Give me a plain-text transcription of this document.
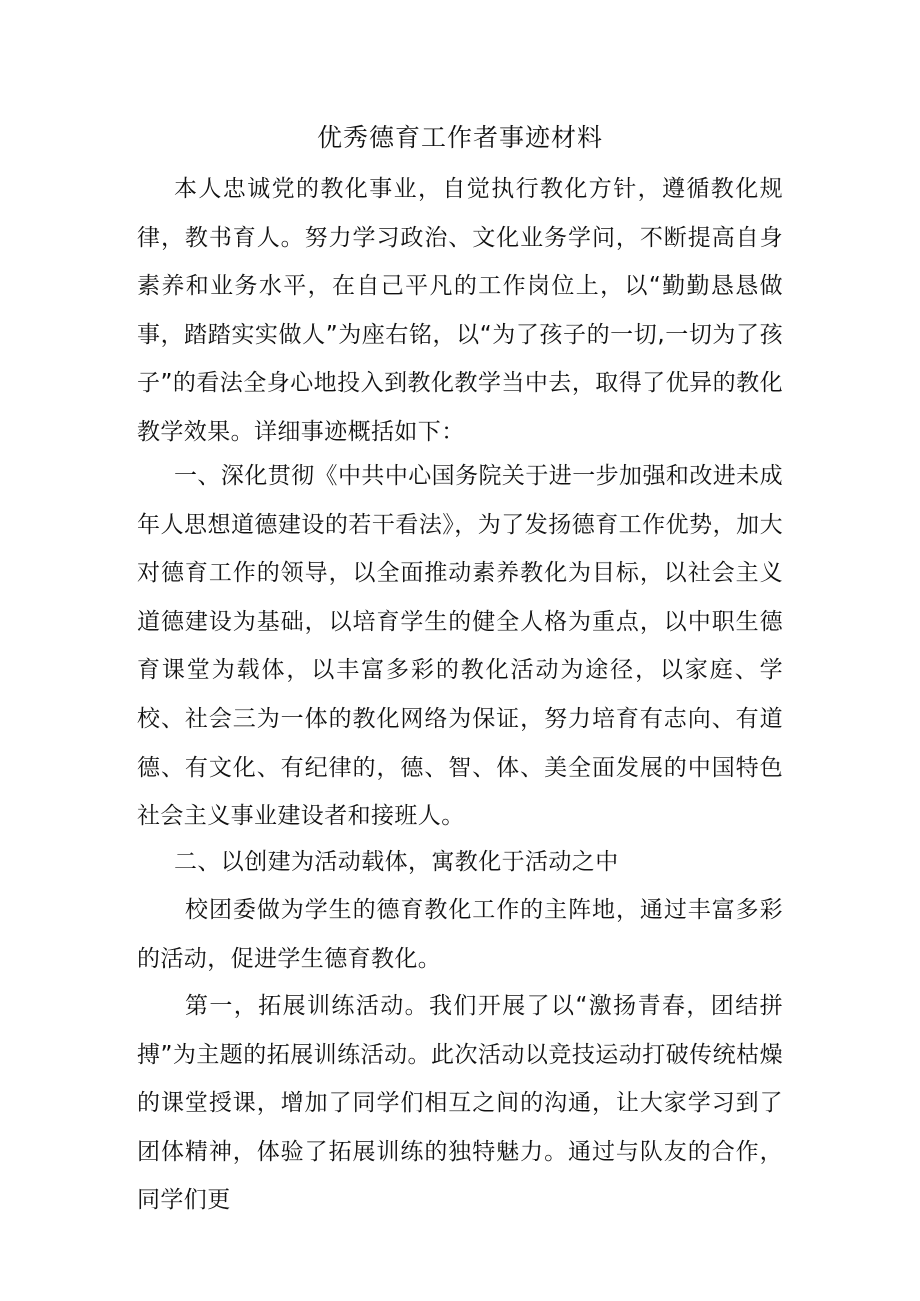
优秀德育工作者事迹材料

本人忠诚党的教化事业，自觉执行教化方针，遵循教化规律，教书育人。努力学习政治、文化业务学问，不断提高自身素养和业务水平，在自己平凡的工作岗位上，以“勤勤恳恳做事，踏踏实实做人”为座右铭，以“为了孩子的一切,一切为了孩子”的看法全身心地投入到教化教学当中去，取得了优异的教化教学效果。详细事迹概括如下：

一、深化贯彻《中共中心国务院关于进一步加强和改进未成年人思想道德建设的若干看法》，为了发扬德育工作优势，加大对德育工作的领导，以全面推动素养教化为目标，以社会主义道德建设为基础，以培育学生的健全人格为重点，以中职生德育课堂为载体，以丰富多彩的教化活动为途径，以家庭、学校、社会三为一体的教化网络为保证，努力培育有志向、有道德、有文化、有纪律的，德、智、体、美全面发展的中国特色社会主义事业建设者和接班人。

二、以创建为活动载体，寓教化于活动之中

校团委做为学生的德育教化工作的主阵地，通过丰富多彩的活动，促进学生德育教化。

第一，拓展训练活动。我们开展了以“激扬青春，团结拼搏”为主题的拓展训练活动。此次活动以竞技运动打破传统枯燥的课堂授课，增加了同学们相互之间的沟通，让大家学习到了团体精神，体验了拓展训练的独特魅力。通过与队友的合作，同学们更
